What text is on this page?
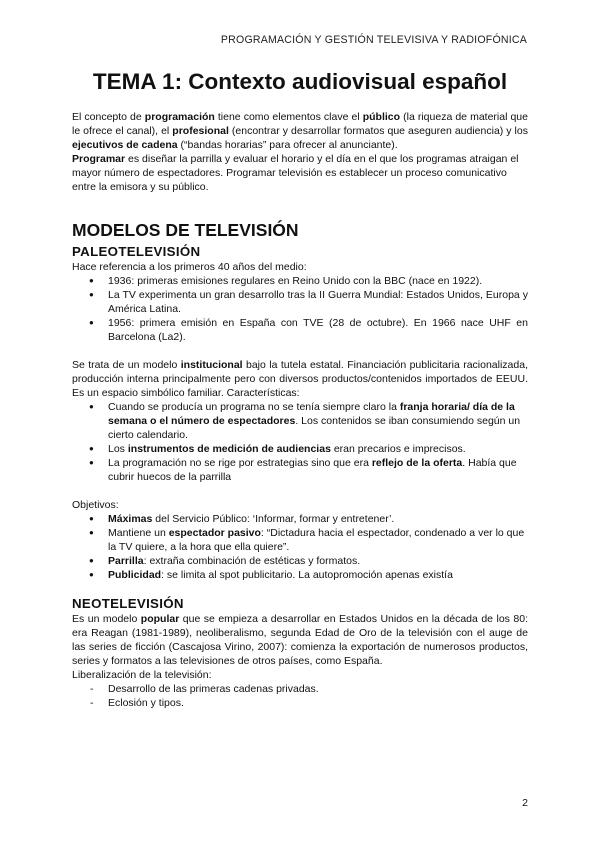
PROGRAMACIÓN Y GESTIÓN TELEVISIVA Y RADIOFÓNICA
TEMA 1: Contexto audiovisual español

El concepto de programación tiene como elementos clave el público (la riqueza de material que le ofrece el canal), el profesional (encontrar y desarrollar formatos que aseguren audiencia) y los ejecutivos de cadena (“bandas horarias” para ofrecer al anunciante).

Programar es diseñar la parrilla y evaluar el horario y el día en el que los programas atraigan el mayor número de espectadores. Programar televisión es establecer un proceso comunicativo entre la emisora y su público.

MODELOS DE TELEVISIÓN
PALEOTELEVISIÓN

Hace referencia a los primeros 40 años del medio:

● 1936: primeras emisiones regulares en Reino Unido con la BBC (nace en 1922).
● La TV experimenta un gran desarrollo tras la II Guerra Mundial: Estados Unidos, Europa y América Latina.
● 1956: primera emisión en España con TVE (28 de octubre). En 1966 nace UHF en Barcelona (La2).

Se trata de un modelo institucional bajo la tutela estatal. Financiación publicitaria racionalizada, producción interna principalmente pero con diversos productos/contenidos importados de EEUU. Es un espacio simbólico familiar. Características:

● Cuando se producía un programa no se tenía siempre claro la franja horaria/ día de la semana o el número de espectadores. Los contenidos se iban consumiendo según un cierto calendario.
● Los instrumentos de medición de audiencias eran precarios e imprecisos.
● La programación no se rige por estrategias sino que era reflejo de la oferta. Había que cubrir huecos de la parrilla

Objetivos:

● Máximas del Servicio Público: ‘Informar, formar y entretener’.
● Mantiene un espectador pasivo: “Dictadura hacia el espectador, condenado a ver lo que la TV quiere, a la hora que ella quiere”.
● Parrilla: extraña combinación de estéticas y formatos.
● Publicidad: se limita al spot publicitario. La autopromoción apenas existía
NEOTELEVISIÓN

Es un modelo popular que se empieza a desarrollar en Estados Unidos en la década de los 80: era Reagan (1981-1989), neoliberalismo, segunda Edad de Oro de la televisión con el auge de las series de ficción (Cascajosa Virino, 2007): comienza la exportación de numerosos productos, series y formatos a las televisiones de otros países, como España.

Liberalización de la televisión:

- Desarrollo de las primeras cadenas privadas.
- Eclosión y tipos.
2
